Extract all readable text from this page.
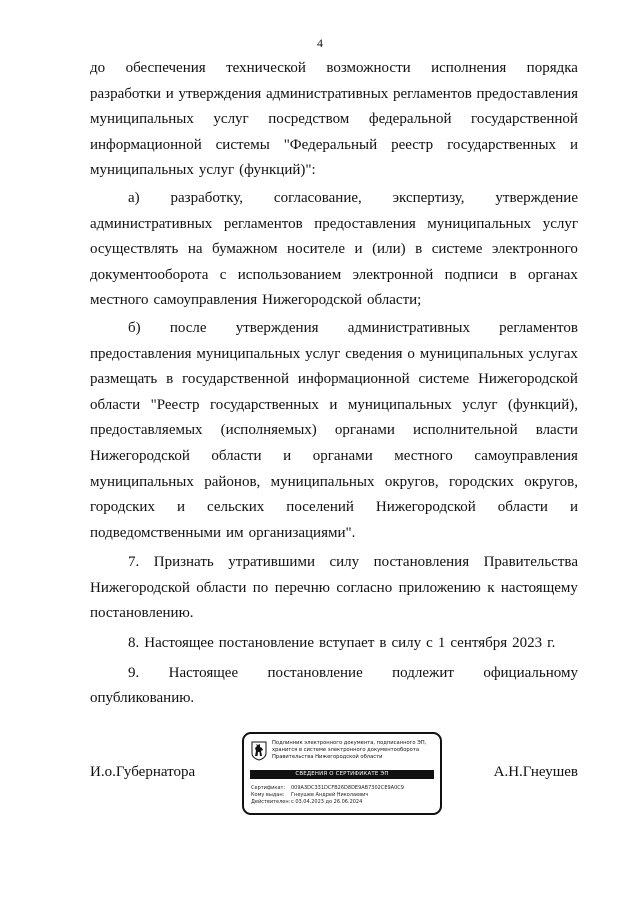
4
до обеспечения технической возможности исполнения порядка
разработки и утверждения административных регламентов предоставления
муниципальных услуг посредством федеральной государственной
информационной системы "Федеральный реестр государственных и
муниципальных услуг (функций)":
а) разработку, согласование, экспертизу, утверждение
административных регламентов предоставления муниципальных услуг
осуществлять на бумажном носителе и (или) в системе электронного
документооборота с использованием электронной подписи в органах
местного самоуправления Нижегородской области;
б) после утверждения административных регламентов
предоставления муниципальных услуг сведения о муниципальных услугах
размещать в государственной информационной системе Нижегородской
области "Реестр государственных и муниципальных услуг (функций),
предоставляемых (исполняемых) органами исполнительной власти
Нижегородской области и органами местного самоуправления
муниципальных районов, муниципальных округов, городских округов,
городских и сельских поселений Нижегородской области и
подведомственными им организациями".
7. Признать утратившими силу постановления Правительства
Нижегородской области по перечню согласно приложению к настоящему
постановлению.
8. Настоящее постановление вступает в силу с 1 сентября 2023 г.
9. Настоящее постановление подлежит официальному
опубликованию.
И.о.Губернатора
Подлинник электронного документа, подписанного ЭП,
хранится в системе электронного документооборота
Правительства Нижегородской области
СВЕДЕНИЯ О СЕРТИФИКАТЕ ЭП
Сертификат: 009A3DC331DCFB26D8DE9AB7302CE9A0C9
Кому выдан: Гнеушев Андрей Николаевич
Действителен:с 03.04.2023 до 26.06.2024
А.Н.Гнеушев
